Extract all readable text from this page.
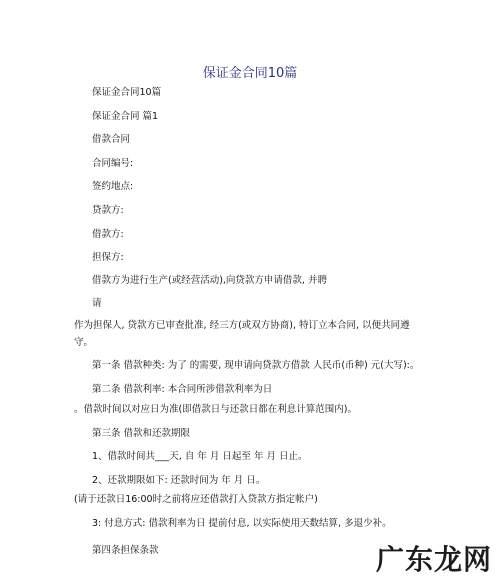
保证金合同10篇
保证金合同10篇
保证金合同 篇1
借款合同
合同编号:
签约地点:
贷款方:
借款方:
担保方:
借款方为进行生产(或经营活动),向贷款方申请借款, 并聘
请
作为担保人, 贷款方已审查批准, 经三方(或双方协商), 特订立本合同, 以便共同遵
守。
第一条 借款种类: 为了 的需要, 现申请向贷款方借款 人民币(币种) 元(大写):。
第二条 借款利率: 本合同所涉借款利率为日
。借款时间以对应日为准(即借款日与还款日都在利息计算范围内)。
第三条 借款和还款期限
1、借款时间共___天, 自 年 月 日起至 年 月 日止。
2、还款期限如下: 还款时间为 年 月 日。
(请于还款日16:00时之前将应还借款打入贷款方指定帐户)
3: 付息方式: 借款利率为日 提前付息, 以实际使用天数结算, 多退少补。
第四条担保条款	广东龙网
